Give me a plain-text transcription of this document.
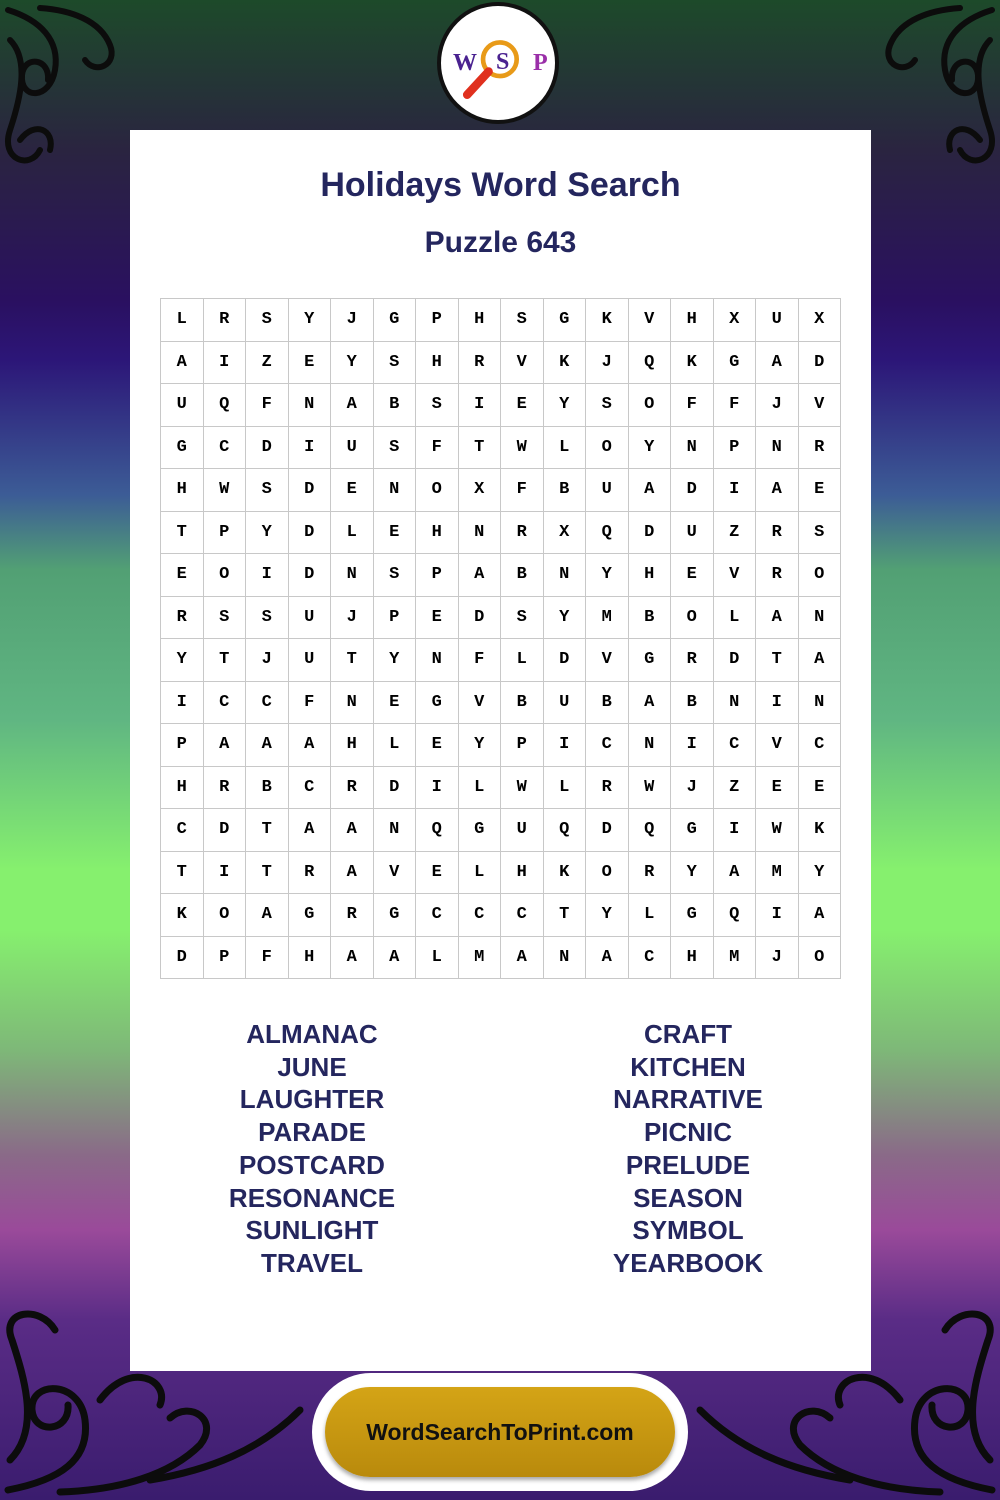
W S P
Holidays Word Search
Puzzle 643
L	R	S	Y	J	G	P	H	S	G	K	V	H	X	U	X
A	I	Z	E	Y	S	H	R	V	K	J	Q	K	G	A	D
U	Q	F	N	A	B	S	I	E	Y	S	O	F	F	J	V
G	C	D	I	U	S	F	T	W	L	O	Y	N	P	N	R
H	W	S	D	E	N	O	X	F	B	U	A	D	I	A	E
T	P	Y	D	L	E	H	N	R	X	Q	D	U	Z	R	S
E	O	I	D	N	S	P	A	B	N	Y	H	E	V	R	O
R	S	S	U	J	P	E	D	S	Y	M	B	O	L	A	N
Y	T	J	U	T	Y	N	F	L	D	V	G	R	D	T	A
I	C	C	F	N	E	G	V	B	U	B	A	B	N	I	N
P	A	A	A	H	L	E	Y	P	I	C	N	I	C	V	C
H	R	B	C	R	D	I	L	W	L	R	W	J	Z	E	E
C	D	T	A	A	N	Q	G	U	Q	D	Q	G	I	W	K
T	I	T	R	A	V	E	L	H	K	O	R	Y	A	M	Y
K	O	A	G	R	G	C	C	C	T	Y	L	G	Q	I	A
D	P	F	H	A	A	L	M	A	N	A	C	H	M	J	O
ALMANAC
JUNE
LAUGHTER
PARADE
POSTCARD
RESONANCE
SUNLIGHT
TRAVEL
CRAFT
KITCHEN
NARRATIVE
PICNIC
PRELUDE
SEASON
SYMBOL
YEARBOOK
WordSearchToPrint.com
